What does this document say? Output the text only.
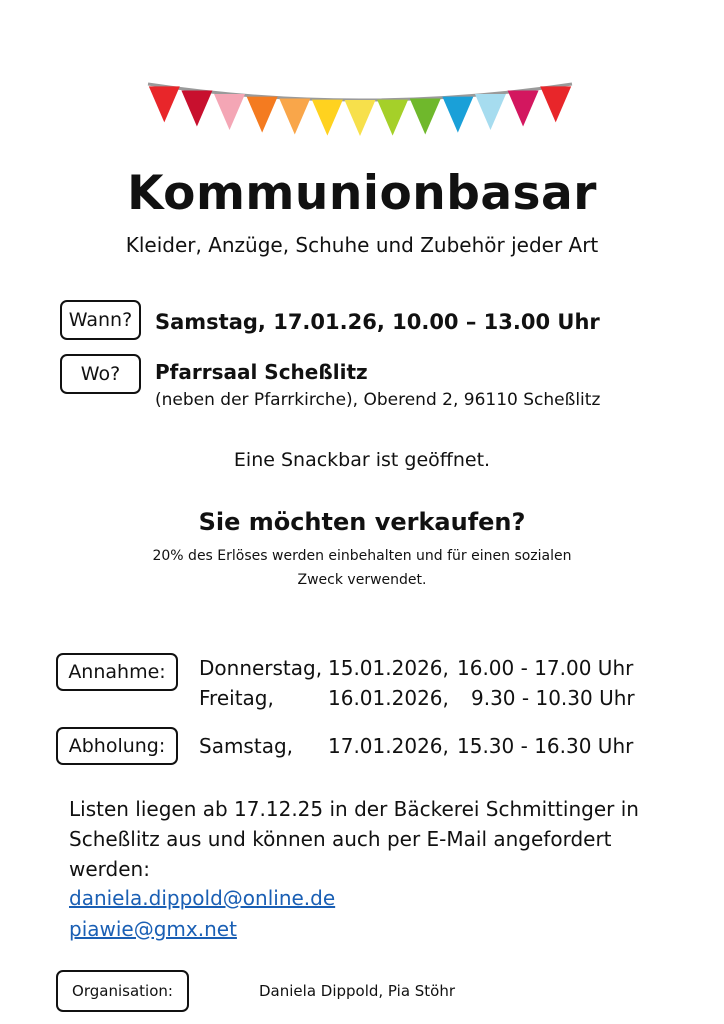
Kommunionbasar
Kleider, Anzüge, Schuhe und Zubehör jeder Art
Wann? Samstag, 17.01.26, 10.00 – 13.00 Uhr
Wo? Pfarrsaal Scheßlitz
(neben der Pfarrkirche), Oberend 2, 96110 Scheßlitz
Eine Snackbar ist geöffnet.
Sie möchten verkaufen?
20% des Erlöses werden einbehalten und für einen sozialen
Zweck verwendet.
Annahme: Donnerstag, 15.01.2026, 16.00 - 17.00 Uhr
Freitag,	16.01.2026, 9.30 - 10.30 Uhr
Abholung: Samstag, 17.01.2026, 15.30 - 16.30 Uhr
Listen liegen ab 17.12.25 in der Bäckerei Schmittinger in Scheßlitz aus und können auch per E-Mail angefordert werden:
daniela.dippold@online.de
piawie@gmx.net
Organisation:	Daniela Dippold, Pia Stöhr
